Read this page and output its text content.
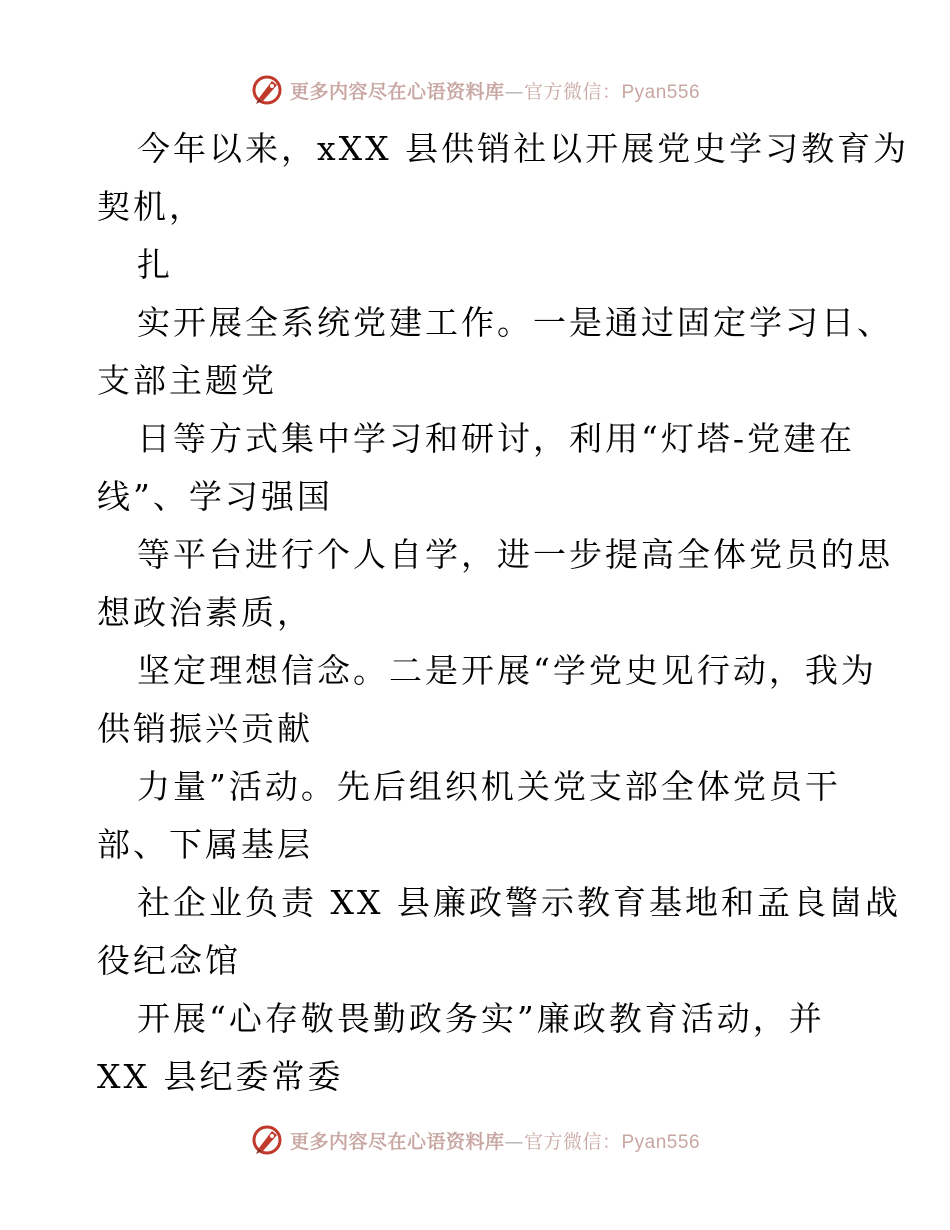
更多内容尽在心语资料库—官方微信：Pyan556
今年以来，xXX 县供销社以开展党史学习教育为
契机，
扎
实开展全系统党建工作。一是通过固定学习日、
支部主题党
日等方式集中学习和研讨，利用“灯塔-党建在
线”、学习强国
等平台进行个人自学，进一步提高全体党员的思
想政治素质，
坚定理想信念。二是开展“学党史见行动，我为
供销振兴贡献
力量”活动。先后组织机关党支部全体党员干
部、下属基层
社企业负责 XX 县廉政警示教育基地和孟良崮战
役纪念馆
开展“心存敬畏勤政务实”廉政教育活动，并
XX 县纪委常委
更多内容尽在心语资料库—官方微信：Pyan556
